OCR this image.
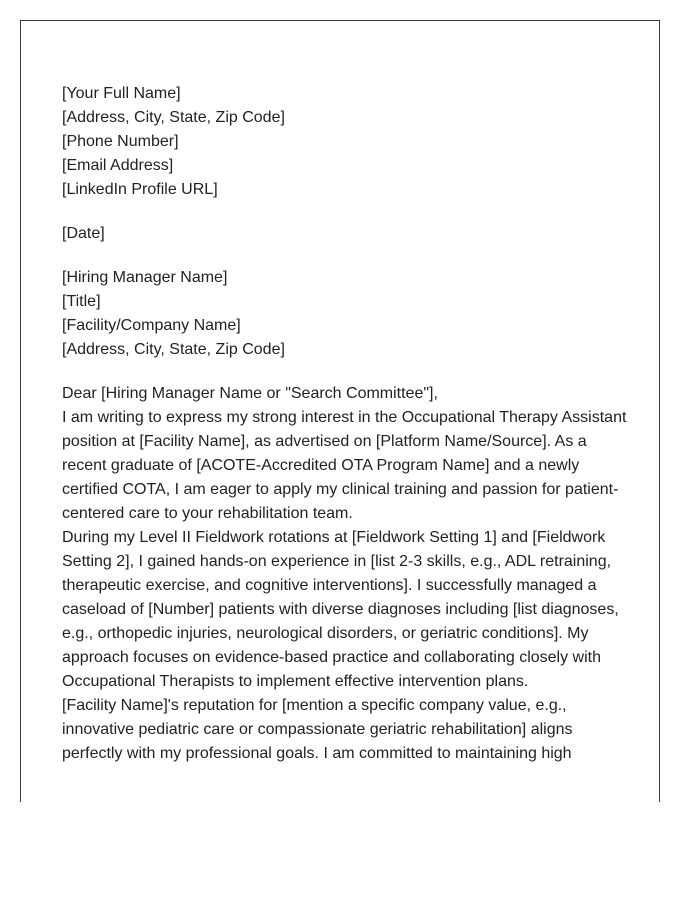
[Your Full Name]
[Address, City, State, Zip Code]
[Phone Number]
[Email Address]
[LinkedIn Profile URL]
[Date]
[Hiring Manager Name]
[Title]
[Facility/Company Name]
[Address, City, State, Zip Code]
Dear [Hiring Manager Name or "Search Committee"],

I am writing to express my strong interest in the Occupational Therapy Assistant position at [Facility Name], as advertised on [Platform Name/Source]. As a recent graduate of [ACOTE-Accredited OTA Program Name] and a newly certified COTA, I am eager to apply my clinical training and passion for patient-centered care to your rehabilitation team.

During my Level II Fieldwork rotations at [Fieldwork Setting 1] and [Fieldwork Setting 2], I gained hands-on experience in [list 2-3 skills, e.g., ADL retraining, therapeutic exercise, and cognitive interventions]. I successfully managed a caseload of [Number] patients with diverse diagnoses including [list diagnoses, e.g., orthopedic injuries, neurological disorders, or geriatric conditions]. My approach focuses on evidence-based practice and collaborating closely with Occupational Therapists to implement effective intervention plans.

[Facility Name]'s reputation for [mention a specific company value, e.g., innovative pediatric care or compassionate geriatric rehabilitation] aligns perfectly with my professional goals. I am committed to maintaining high
